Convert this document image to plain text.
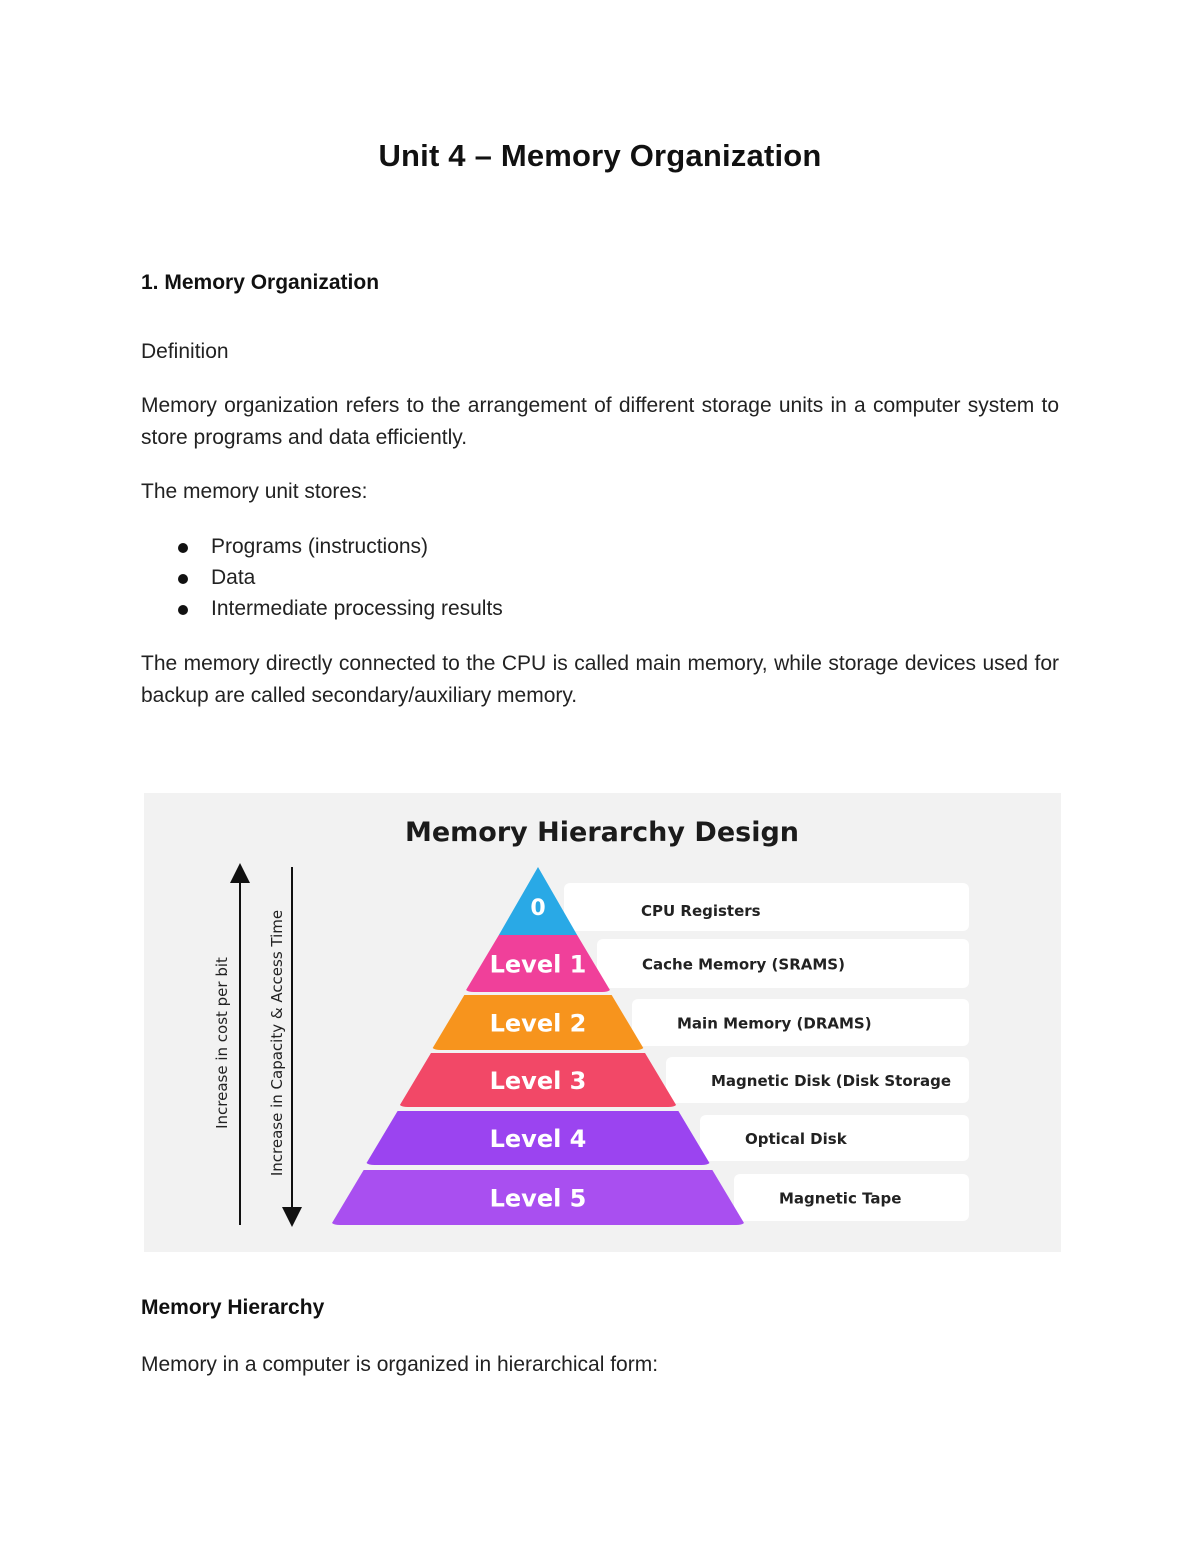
Unit 4 – Memory Organization
1. Memory Organization

Definition

Memory organization refers to the arrangement of different storage units in a computer system to store programs and data efficiently.

The memory unit stores:

Programs (instructions)
Data
Intermediate processing results

The memory directly connected to the CPU is called main memory, while storage devices used for backup are called secondary/auxiliary memory.

Memory Hierarchy Design
Increase in cost per bit Increase in Capacity & Access Time
0	CPU Registers
Level 1	Cache Memory (SRAMS)
Level 2	Main Memory (DRAMS)
Level 3	Magnetic Disk (Disk Storage
Level 4	Optical Disk
Level 5	Magnetic Tape
Memory Hierarchy

Memory in a computer is organized in hierarchical form:
